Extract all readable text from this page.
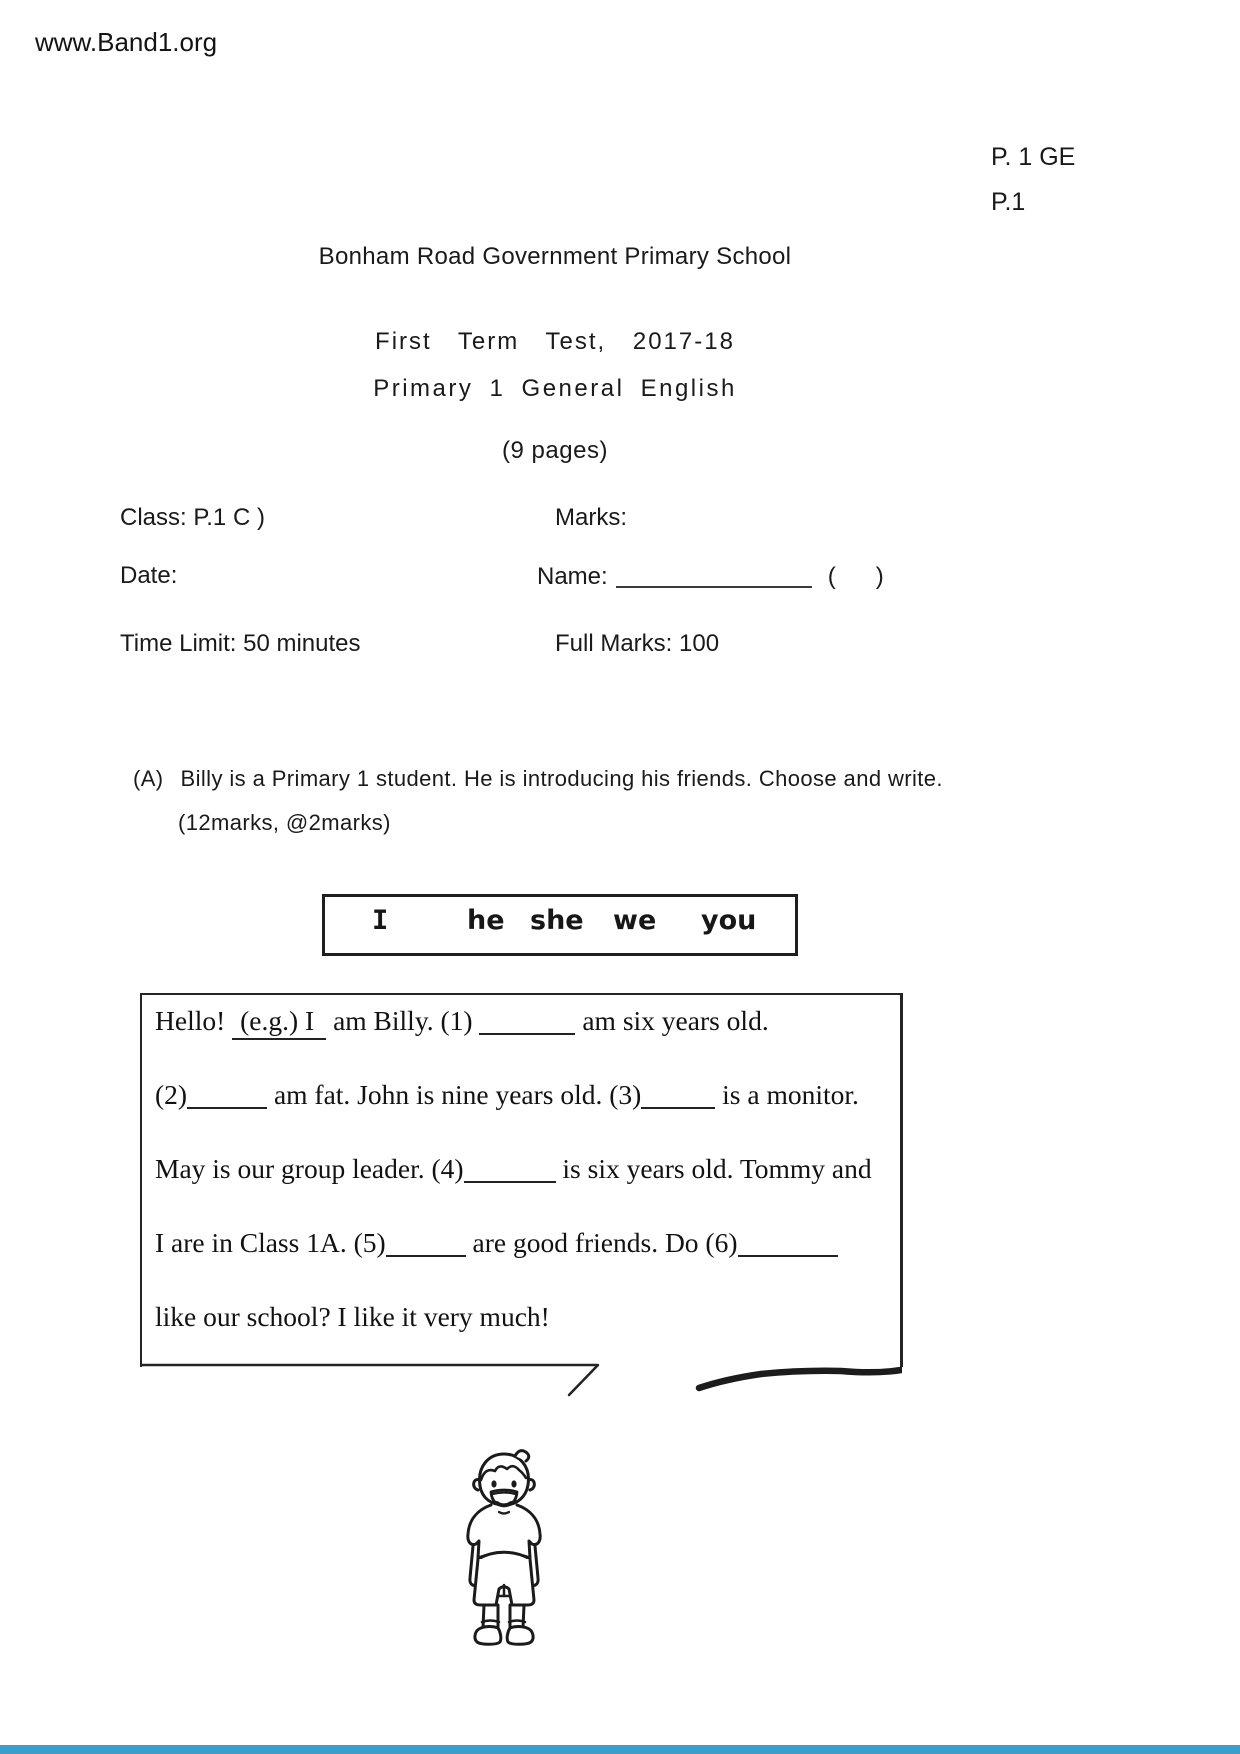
www.Band1.org
P. 1 GE
P.1
Bonham Road Government Primary School
First Term Test, 2017-18
Primary 1 General English
(9 pages)
Class: P.1 C )	Marks:
Date:	Name:	( )
Time Limit: 50 minutes	Full Marks: 100
(A) Billy is a Primary 1 student. He is introducing his friends. Choose and write.
(12marks, @2marks)
I	he she we you
Hello! (e.g.) I am Billy. (1)	am six years old.
(2)	am fat. John is nine years old. (3)	is a monitor.
May is our group leader. (4)	is six years old. Tommy and
I are in Class 1A. (5)	are good friends. Do (6)
like our school? I like it very much!
